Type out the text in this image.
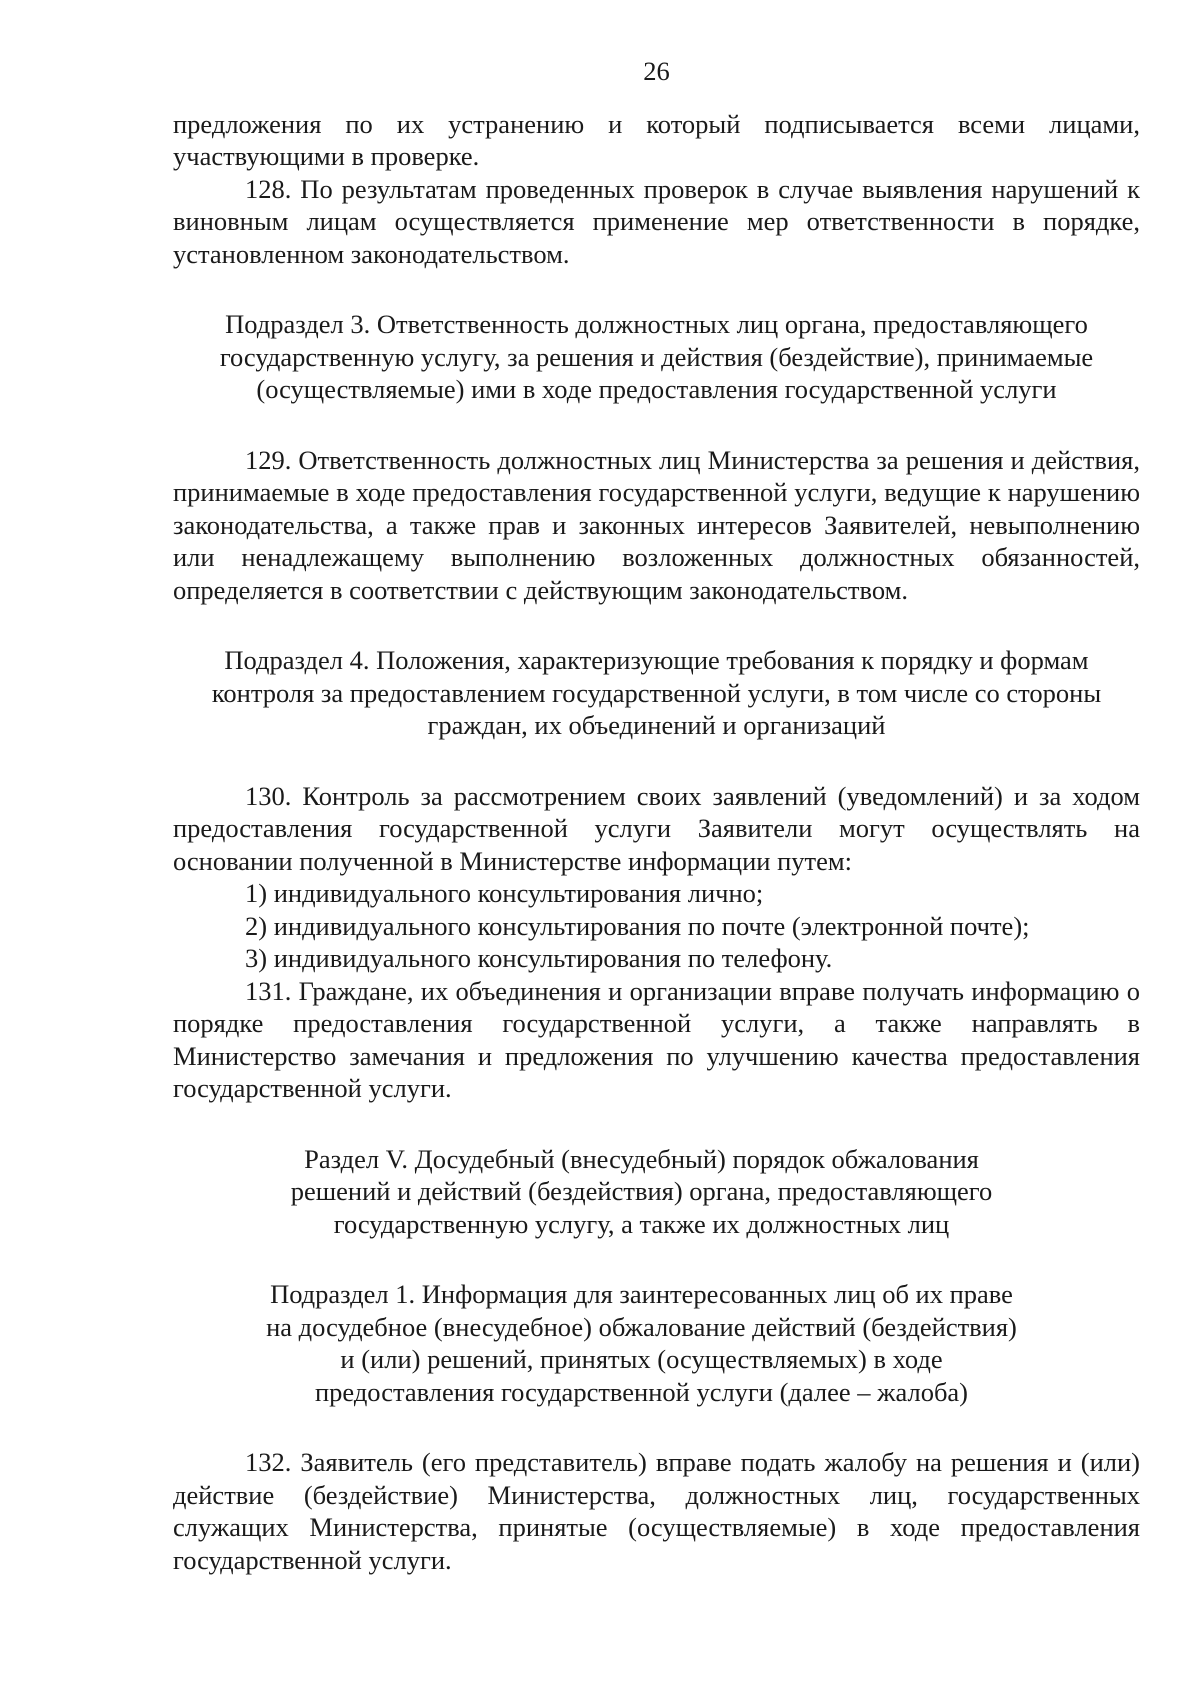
26

предложения по их устранению и который подписывается всеми лицами, участвующими в проверке.

128. По результатам проведенных проверок в случае выявления нарушений к виновным лицам осуществляется применение мер ответственности в порядке, установленном законодательством.

Подраздел 3. Ответственность должностных лиц органа, предоставляющего государственную услугу, за решения и действия (бездействие), принимаемые (осуществляемые) ими в ходе предоставления государственной услуги

129. Ответственность должностных лиц Министерства за решения и действия, принимаемые в ходе предоставления государственной услуги, ведущие к нарушению законодательства, а также прав и законных интересов Заявителей, невыполнению или ненадлежащему выполнению возложенных должностных обязанностей, определяется в соответствии с действующим законодательством.

Подраздел 4. Положения, характеризующие требования к порядку и формам контроля за предоставлением государственной услуги, в том числе со стороны граждан, их объединений и организаций

130. Контроль за рассмотрением своих заявлений (уведомлений) и за ходом предоставления государственной услуги Заявители могут осуществлять на основании полученной в Министерстве информации путем:

1) индивидуального консультирования лично;

2) индивидуального консультирования по почте (электронной почте);

3) индивидуального консультирования по телефону.

131. Граждане, их объединения и организации вправе получать информацию о порядке предоставления государственной услуги, а также направлять в Министерство замечания и предложения по улучшению качества предоставления государственной услуги.

Раздел V. Досудебный (внесудебный) порядок обжалования решений и действий (бездействия) органа, предоставляющего государственную услугу, а также их должностных лиц

Подраздел 1. Информация для заинтересованных лиц об их праве на досудебное (внесудебное) обжалование действий (бездействия) и (или) решений, принятых (осуществляемых) в ходе предоставления государственной услуги (далее – жалоба)

132. Заявитель (его представитель) вправе подать жалобу на решения и (или) действие (бездействие) Министерства, должностных лиц, государственных служащих Министерства, принятые (осуществляемые) в ходе предоставления государственной услуги.
